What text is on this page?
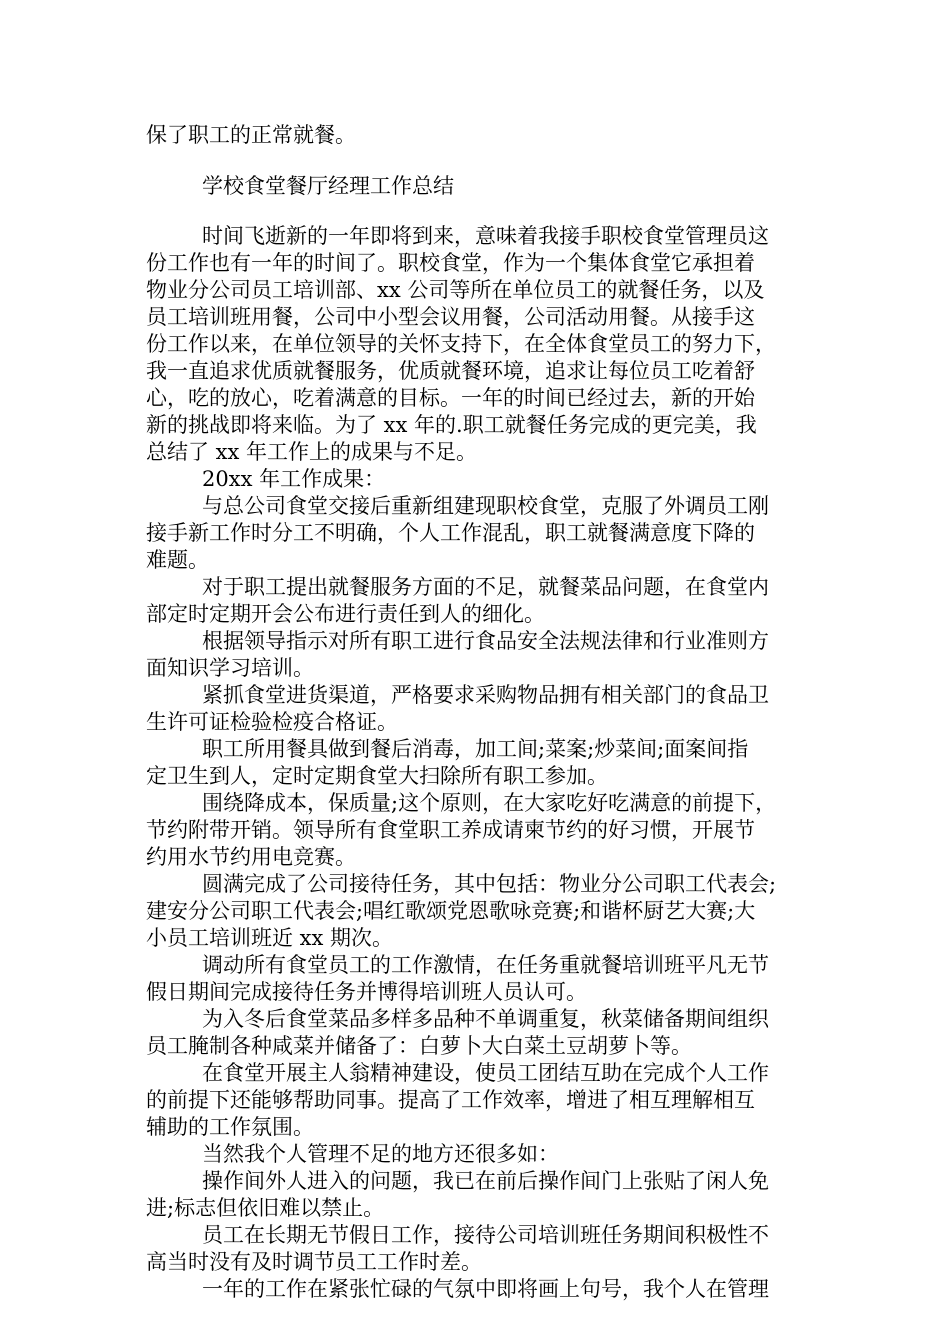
保了职工的正常就餐。
学校食堂餐厅经理工作总结
时间飞逝新的一年即将到来，意味着我接手职校食堂管理员这
份工作也有一年的时间了。职校食堂，作为一个集体食堂它承担着
物业分公司员工培训部、xx 公司等所在单位员工的就餐任务，以及
员工培训班用餐，公司中小型会议用餐，公司活动用餐。从接手这
份工作以来，在单位领导的关怀支持下，在全体食堂员工的努力下，
我一直追求优质就餐服务，优质就餐环境，追求让每位员工吃着舒
心，吃的放心，吃着满意的目标。一年的时间已经过去，新的开始
新的挑战即将来临。为了 xx 年的.职工就餐任务完成的更完美，我
总结了 xx 年工作上的成果与不足。
20xx 年工作成果：
与总公司食堂交接后重新组建现职校食堂，克服了外调员工刚
接手新工作时分工不明确，个人工作混乱，职工就餐满意度下降的
难题。
对于职工提出就餐服务方面的不足，就餐菜品问题，在食堂内
部定时定期开会公布进行责任到人的细化。
根据领导指示对所有职工进行食品安全法规法律和行业准则方
面知识学习培训。
紧抓食堂进货渠道，严格要求采购物品拥有相关部门的食品卫
生许可证检验检疫合格证。
职工所用餐具做到餐后消毒，加工间;菜案;炒菜间;面案间指
定卫生到人，定时定期食堂大扫除所有职工参加。
围绕降成本，保质量;这个原则，在大家吃好吃满意的前提下，
节约附带开销。领导所有食堂职工养成请柬节约的好习惯，开展节
约用水节约用电竞赛。
圆满完成了公司接待任务，其中包括：物业分公司职工代表会;
建安分公司职工代表会;唱红歌颂党恩歌咏竞赛;和谐杯厨艺大赛;大
小员工培训班近 xx 期次。
调动所有食堂员工的工作激情，在任务重就餐培训班平凡无节
假日期间完成接待任务并博得培训班人员认可。
为入冬后食堂菜品多样多品种不单调重复，秋菜储备期间组织
员工腌制各种咸菜并储备了：白萝卜大白菜土豆胡萝卜等。
在食堂开展主人翁精神建设，使员工团结互助在完成个人工作
的前提下还能够帮助同事。提高了工作效率，增进了相互理解相互
辅助的工作氛围。
当然我个人管理不足的地方还很多如：
操作间外人进入的问题，我已在前后操作间门上张贴了闲人免
进;标志但依旧难以禁止。
员工在长期无节假日工作，接待公司培训班任务期间积极性不
高当时没有及时调节员工工作时差。
一年的工作在紧张忙碌的气氛中即将画上句号，我个人在管理
